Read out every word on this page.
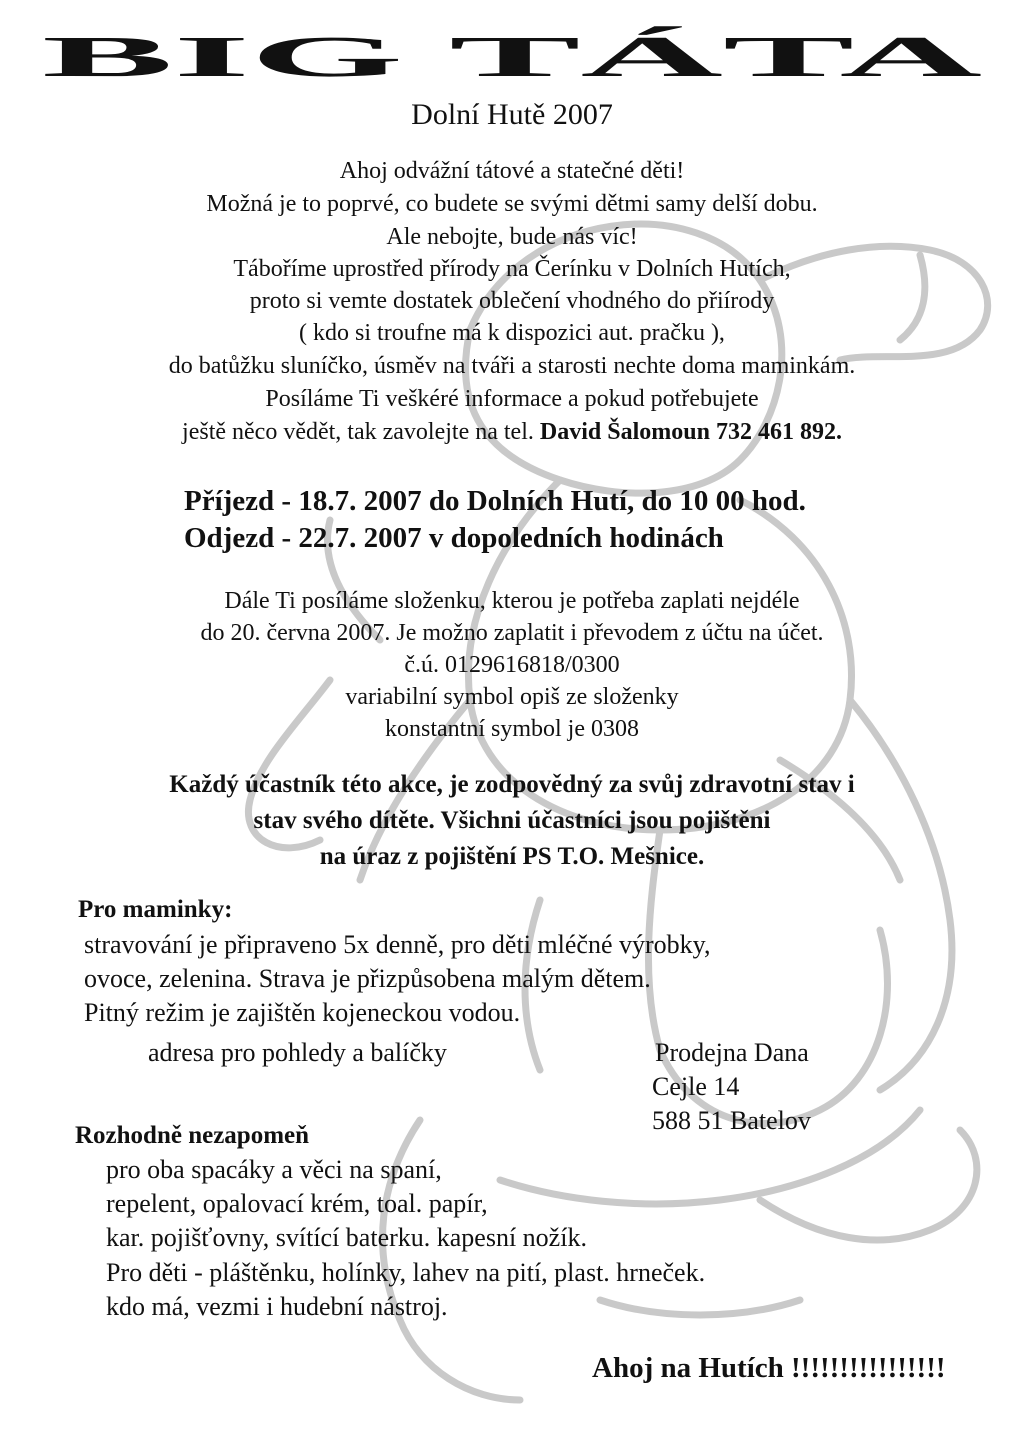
BIG TÁTA
Dolní Hutě 2007
Ahoj odvážní tátové a statečné děti!
Možná je to poprvé, co budete se svými dětmi samy delší dobu.
Ale nebojte, bude nás víc!
Táboříme uprostřed přírody na Čerínku v Dolních Hutích,
proto si vemte dostatek oblečení vhodného do přiírody
( kdo si troufne má k dispozici aut. pračku ),
do batůžku sluníčko, úsměv na tváři a starosti nechte doma maminkám.
Posíláme Ti veškéré informace a pokud potřebujete
ještě něco vědět, tak zavolejte na tel. David Šalomoun 732 461 892.
Příjezd - 18.7. 2007 do Dolních Hutí, do 10 00 hod.
Odjezd - 22.7. 2007 v dopoledních hodinách
Dále Ti posíláme složenku, kterou je potřeba zaplati nejdéle
do 20. června 2007. Je možno zaplatit i převodem z účtu na účet.
č.ú. 0129616818/0300
variabilní symbol opiš ze složenky
konstantní symbol je 0308
Každý účastník této akce, je zodpovědný za svůj zdravotní stav i
stav svého dítěte. Všichni účastníci jsou pojištěni
na úraz z pojištění PS T.O. Mešnice.
Pro maminky:
stravování je připraveno 5x denně, pro děti mléčné výrobky,
ovoce, zelenina. Strava je přizpůsobena malým dětem.
Pitný režim je zajištěn kojeneckou vodou.
adresa pro pohledy a balíčky	Prodejna Dana
Cejle 14
588 51 Batelov
Rozhodně nezapomeň
pro oba spacáky a věci na spaní,
repelent, opalovací krém, toal. papír,
kar. pojišťovny, svítící baterku. kapesní nožík.
Pro děti - pláštěnku, holínky, lahev na pití, plast. hrneček.
kdo má, vezmi i hudební nástroj.
Ahoj na Hutích !!!!!!!!!!!!!!!!
